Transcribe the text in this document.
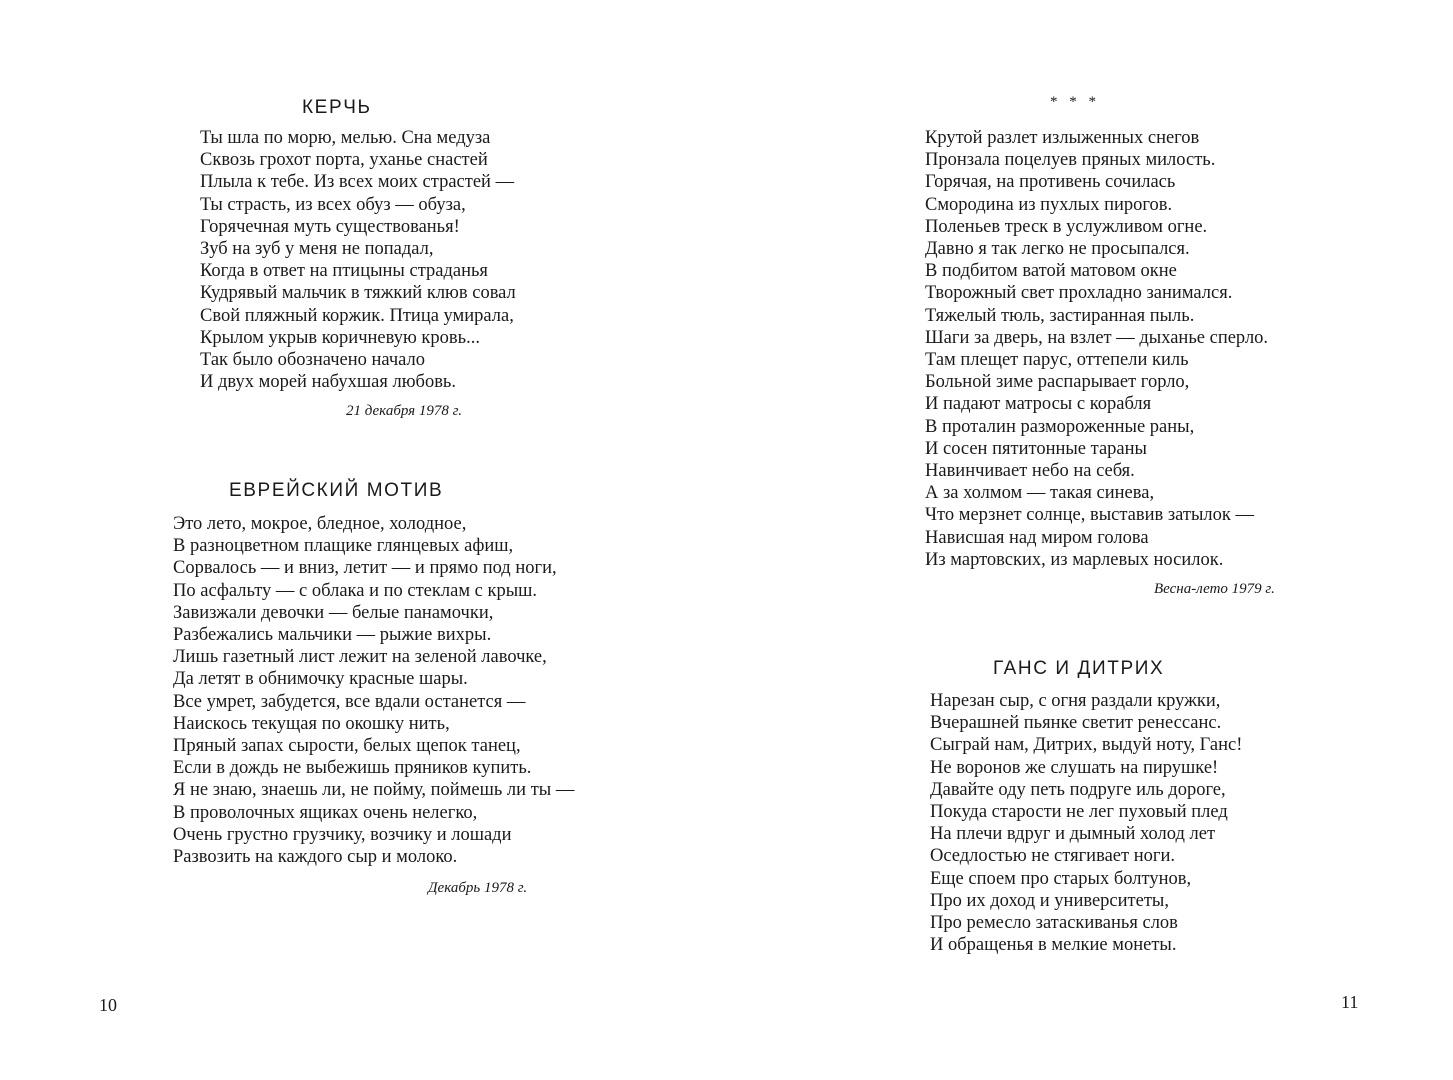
КЕРЧЬ
Ты шла по морю, мелью. Сна медуза
Сквозь грохот порта, уханье снастей
Плыла к тебе. Из всех моих страстей —
Ты страсть, из всех обуз — обуза,
Горячечная муть существованья!
Зуб на зуб у меня не попадал,
Когда в ответ на птицыны страданья
Кудрявый мальчик в тяжкий клюв совал
Свой пляжный коржик. Птица умирала,
Крылом укрыв коричневую кровь...
Так было обозначено начало
И двух морей набухшая любовь.
21 декабря 1978 г.
ЕВРЕЙСКИЙ МОТИВ
Это лето, мокрое, бледное, холодное,
В разноцветном плащике глянцевых афиш,
Сорвалось — и вниз, летит — и прямо под ноги,
По асфальту — с облака и по стеклам с крыш.
Завизжали девочки — белые панамочки,
Разбежались мальчики — рыжие вихры.
Лишь газетный лист лежит на зеленой лавочке,
Да летят в обнимочку красные шары.
Все умрет, забудется, все вдали останется —
Наискось текущая по окошку нить,
Пряный запах сырости, белых щепок танец,
Если в дождь не выбежишь пряников купить.
Я не знаю, знаешь ли, не пойму, поймешь ли ты —
В проволочных ящиках очень нелегко,
Очень грустно грузчику, возчику и лошади
Развозить на каждого сыр и молоко.
Декабрь 1978 г.
10
* * *
Крутой разлет излыженных снегов
Пронзала поцелуев пряных милость.
Горячая, на противень сочилась
Смородина из пухлых пирогов.
Поленьев треск в услужливом огне.
Давно я так легко не просыпался.
В подбитом ватой матовом окне
Творожный свет прохладно занимался.
Тяжелый тюль, застиранная пыль.
Шаги за дверь, на взлет — дыханье сперло.
Там плещет парус, оттепели киль
Больной зиме распарывает горло,
И падают матросы с корабля
В проталин размороженные раны,
И сосен пятитонные тараны
Навинчивает небо на себя.
А за холмом — такая синева,
Что мерзнет солнце, выставив затылок —
Нависшая над миром голова
Из мартовских, из марлевых носилок.
Весна-лето 1979 г.
ГАНС И ДИТРИХ
Нарезан сыр, с огня раздали кружки,
Вчерашней пьянке светит ренессанс.
Сыграй нам, Дитрих, выдуй ноту, Ганс!
Не воронов же слушать на пирушке!
Давайте оду петь подруге иль дороге,
Покуда старости не лег пуховый плед
На плечи вдруг и дымный холод лет
Оседлостью не стягивает ноги.
Еще споем про старых болтунов,
Про их доход и университеты,
Про ремесло затаскиванья слов
И обращенья в мелкие монеты.
11
